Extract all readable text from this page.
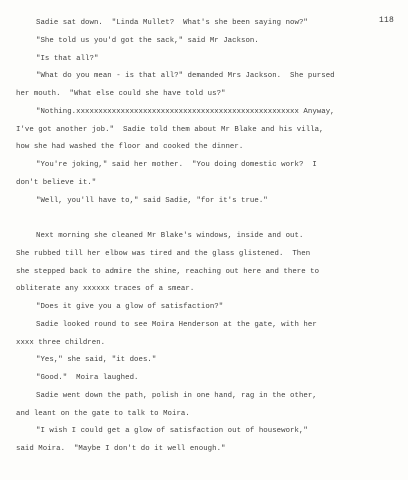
118
Sadie sat down.  "Linda Mullet?  What's she been saying now?"
"She told us you'd got the sack," said Mr Jackson.
"Is that all?"
"What do you mean - is that all?" demanded Mrs Jackson.  She pursed
her mouth.  "What else could she have told us?"
"Nothing.xxxxxxxxxxxxxxxxxxxxxxxxxxxxxxxxxxxxxxxxxxxxxxxxxx Anyway,
I've got another job."  Sadie told them about Mr Blake and his villa,
how she had washed the floor and cooked the dinner.
"You're joking," said her mother.  "You doing domestic work?  I
don't believe it."
"Well, you'll have to," said Sadie, "for it's true."
Next morning she cleaned Mr Blake's windows, inside and out.
She rubbed till her elbow was tired and the glass glistened.  Then
she stepped back to admire the shine, reaching out here and there to
obliterate any xxxxxx traces of a smear.
"Does it give you a glow of satisfaction?"
Sadie looked round to see Moira Henderson at the gate, with her
xxxx three children.
"Yes," she said, "it does."
"Good."  Moira laughed.
Sadie went down the path, polish in one hand, rag in the other,
and leant on the gate to talk to Moira.
"I wish I could get a glow of satisfaction out of housework,"
said Moira.  "Maybe I don't do it well enough."
